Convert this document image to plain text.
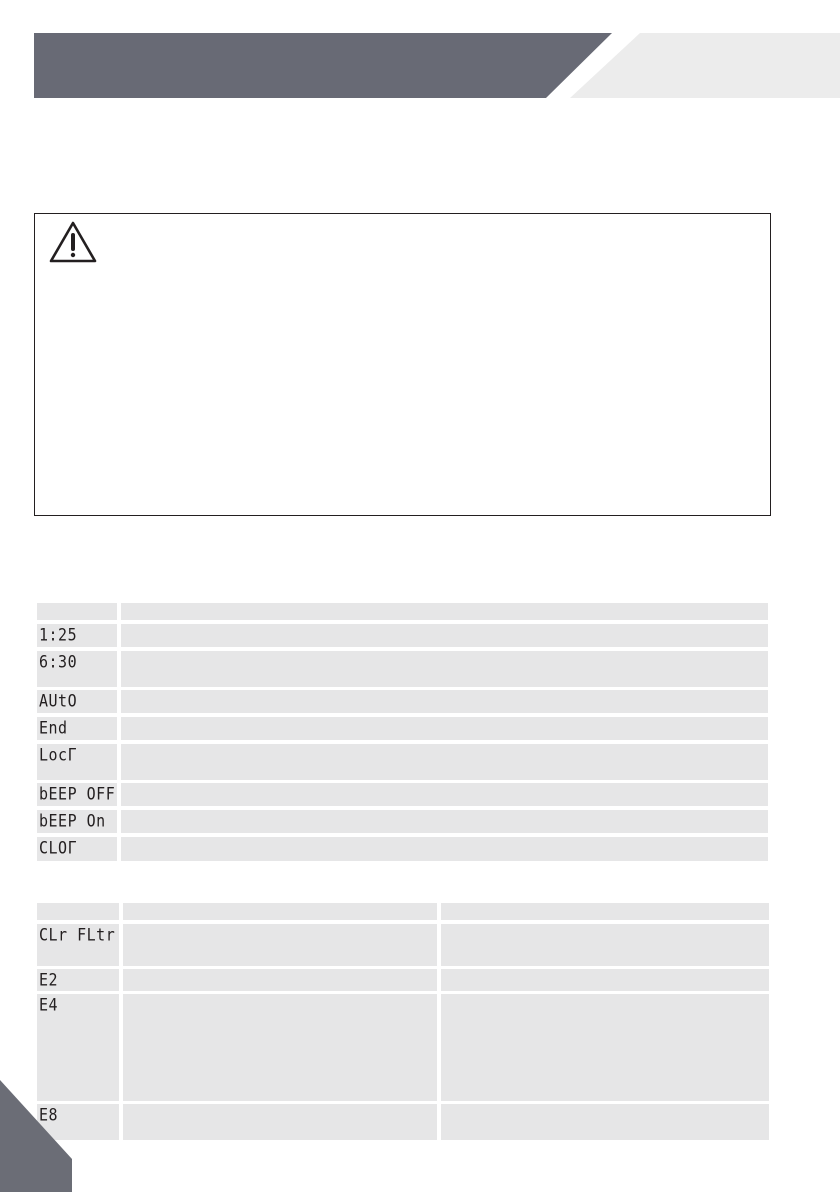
1:25
6:30
AUtO
End
LocΓ
bEEP OFF
bEEP On
CLOΓ
CLr FLtr
E2
E4
E8
